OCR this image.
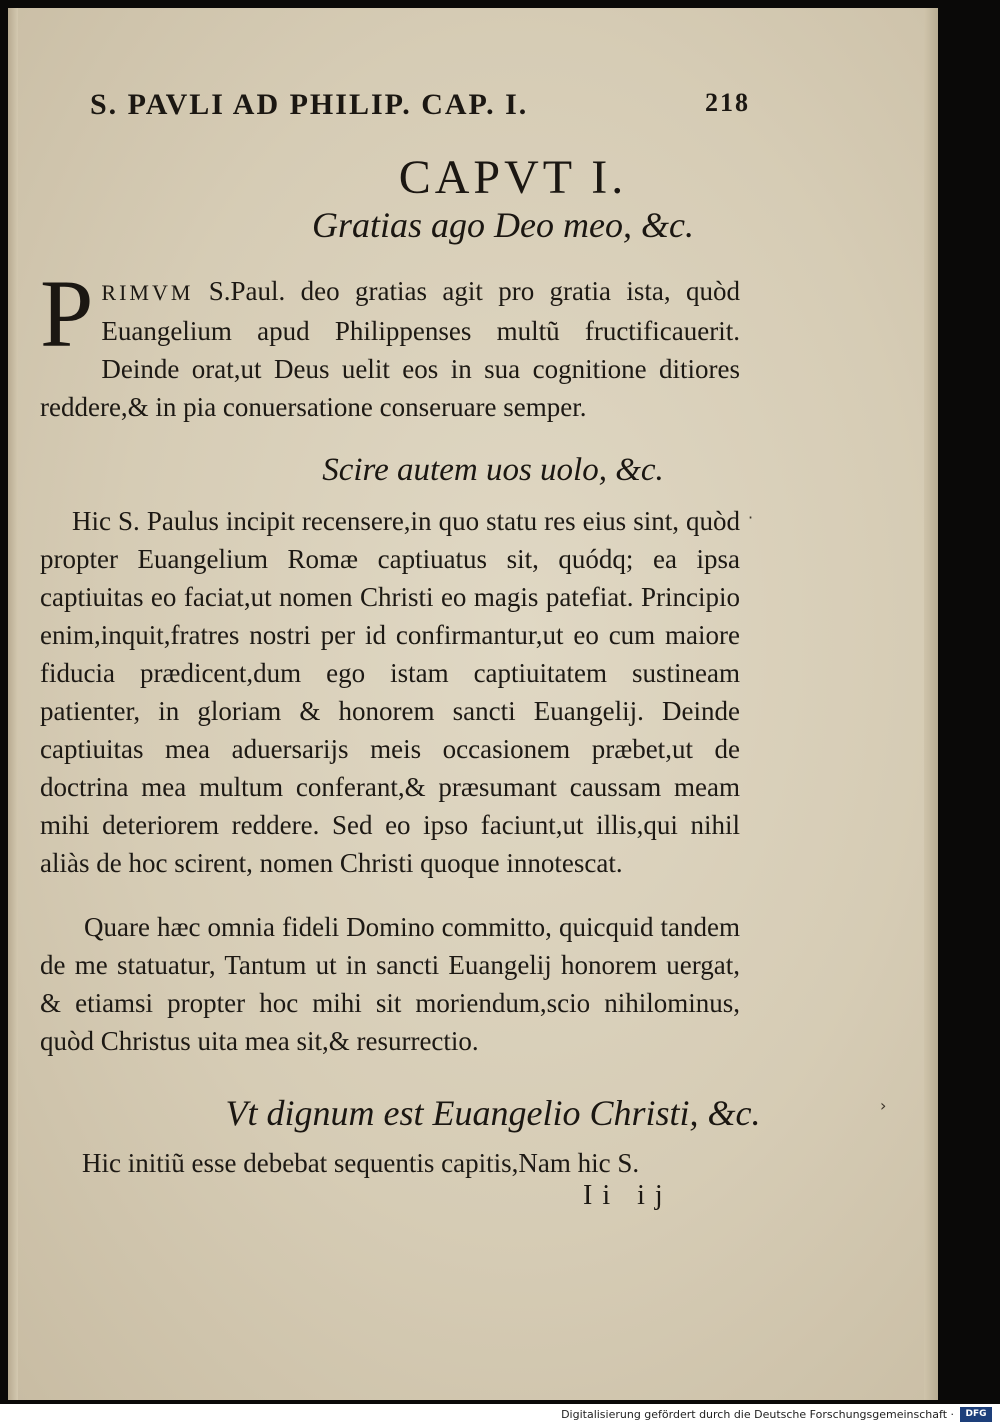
S. PAVLI AD PHILIP. CAP. I.	218
CAPVT I.
Gratias ago Deo meo, &c.
PRIMVM S.Paul. deo gratias agit pro gratia ista, quòd Euangelium apud Philippenses multũ fructificauerit. Deinde orat,ut Deus uelit eos in sua cognitione ditiores reddere,& in pia conuersatione conseruare semper.
Scire autem uos uolo, &c.
Hic S. Paulus incipit recensere,in quo statu res eius sint, quòd propter Euangelium Romæ captiuatus sit, quódq; ea ipsa captiuitas eo faciat,ut nomen Christi eo magis patefiat. Principio enim,inquit,fratres nostri per id confirmantur,ut eo cum maiore fiducia prædicent,dum ego istam captiuitatem sustineam patienter, in gloriam & honorem sancti Euangelij. Deinde captiuitas mea aduersarijs meis occasionem præbet,ut de doctrina mea multum conferant,& præsumant caussam meam mihi deteriorem reddere. Sed eo ipso faciunt,ut illis,qui nihil aliàs de hoc scirent, nomen Christi quoque innotescat.
Quare hæc omnia fideli Domino committo, quicquid tandem de me statuatur, Tantum ut in sancti Euangelij honorem uergat, & etiamsi propter hoc mihi sit moriendum,scio nihilominus, quòd Christus uita mea sit,& resurrectio.
Vt dignum est Euangelio Christi, &c.
Hic initiũ esse debebat sequentis capitis,Nam hic S.
Ii ij
·
›
Digitalisierung gefördert durch die Deutsche Forschungsgemeinschaft ·	DFG
